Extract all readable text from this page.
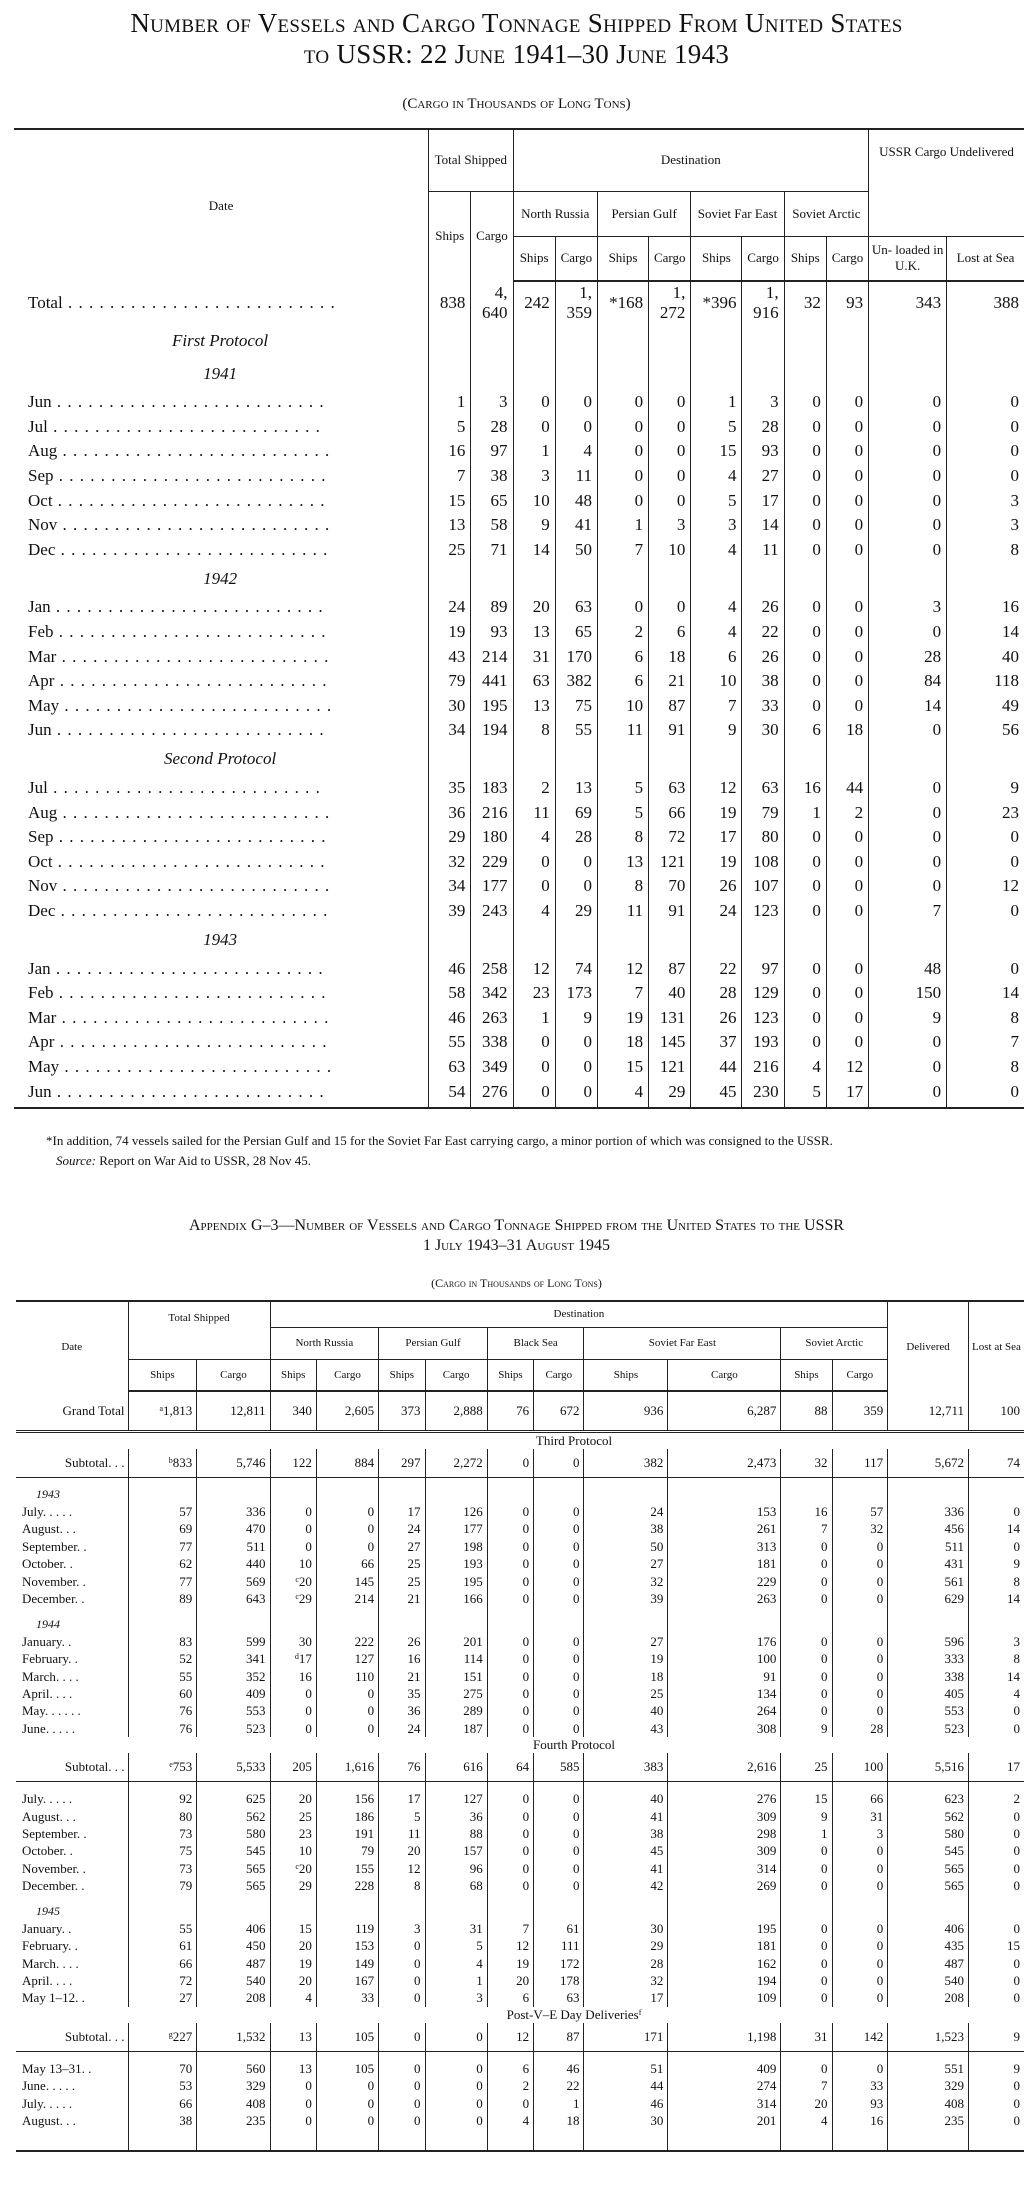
Number of Vessels and Cargo Tonnage Shipped From United States
to USSR: 22 June 1941–30 June 1943
(Cargo in Thousands of Long Tons)
Date	Total Shipped		Destination								USSR Cargo Undelivered	
	Ships	Cargo	North Russia		Persian Gulf		Soviet Far East		Soviet Arctic			
			Ships	Cargo	Ships	Cargo	Ships	Cargo	Ships	Cargo	Un- loaded in U.K.	Lost at Sea
Total . . . . . . . . . . . . . . . . . . . . . . . . . .	838	4, 640	242	1, 359	*168	1, 272	*396	1, 916	32	93	343	388
First Protocol												
1941												
Jun . . . . . . . . . . . . . . . . . . . . . . . . . .	1	3	0	0	0	0	1	3	0	0	0	0
Jul . . . . . . . . . . . . . . . . . . . . . . . . . .	5	28	0	0	0	0	5	28	0	0	0	0
Aug . . . . . . . . . . . . . . . . . . . . . . . . . .	16	97	1	4	0	0	15	93	0	0	0	0
Sep . . . . . . . . . . . . . . . . . . . . . . . . . .	7	38	3	11	0	0	4	27	0	0	0	0
Oct . . . . . . . . . . . . . . . . . . . . . . . . . .	15	65	10	48	0	0	5	17	0	0	0	3
Nov . . . . . . . . . . . . . . . . . . . . . . . . . .	13	58	9	41	1	3	3	14	0	0	0	3
Dec . . . . . . . . . . . . . . . . . . . . . . . . . .	25	71	14	50	7	10	4	11	0	0	0	8
1942												
Jan . . . . . . . . . . . . . . . . . . . . . . . . . .	24	89	20	63	0	0	4	26	0	0	3	16
Feb . . . . . . . . . . . . . . . . . . . . . . . . . .	19	93	13	65	2	6	4	22	0	0	0	14
Mar . . . . . . . . . . . . . . . . . . . . . . . . . .	43	214	31	170	6	18	6	26	0	0	28	40
Apr . . . . . . . . . . . . . . . . . . . . . . . . . .	79	441	63	382	6	21	10	38	0	0	84	118
May . . . . . . . . . . . . . . . . . . . . . . . . . .	30	195	13	75	10	87	7	33	0	0	14	49
Jun . . . . . . . . . . . . . . . . . . . . . . . . . .	34	194	8	55	11	91	9	30	6	18	0	56
Second Protocol												
Jul . . . . . . . . . . . . . . . . . . . . . . . . . .	35	183	2	13	5	63	12	63	16	44	0	9
Aug . . . . . . . . . . . . . . . . . . . . . . . . . .	36	216	11	69	5	66	19	79	1	2	0	23
Sep . . . . . . . . . . . . . . . . . . . . . . . . . .	29	180	4	28	8	72	17	80	0	0	0	0
Oct . . . . . . . . . . . . . . . . . . . . . . . . . .	32	229	0	0	13	121	19	108	0	0	0	0
Nov . . . . . . . . . . . . . . . . . . . . . . . . . .	34	177	0	0	8	70	26	107	0	0	0	12
Dec . . . . . . . . . . . . . . . . . . . . . . . . . .	39	243	4	29	11	91	24	123	0	0	7	0
1943												
Jan . . . . . . . . . . . . . . . . . . . . . . . . . .	46	258	12	74	12	87	22	97	0	0	48	0
Feb . . . . . . . . . . . . . . . . . . . . . . . . . .	58	342	23	173	7	40	28	129	0	0	150	14
Mar . . . . . . . . . . . . . . . . . . . . . . . . . .	46	263	1	9	19	131	26	123	0	0	9	8
Apr . . . . . . . . . . . . . . . . . . . . . . . . . .	55	338	0	0	18	145	37	193	0	0	0	7
May . . . . . . . . . . . . . . . . . . . . . . . . . .	63	349	0	0	15	121	44	216	4	12	0	8
Jun . . . . . . . . . . . . . . . . . . . . . . . . . .	54	276	0	0	4	29	45	230	5	17	0	0

*In addition, 74 vessels sailed for the Persian Gulf and 15 for the Soviet Far East carrying cargo, a minor portion of which was consigned to the USSR.

Source: Report on War Aid to USSR, 28 Nov 45.

Appendix G–3—Number of Vessels and Cargo Tonnage Shipped from the United States to the USSR
1 July 1943–31 August 1945
(Cargo in Thousands of Long Tons)
Date	Total Shipped		Destination										Delivered	Lost at Sea
			North Russia		Persian Gulf		Black Sea		Soviet Far East		Soviet Arctic			
	Ships	Cargo	Ships	Cargo	Ships	Cargo	Ships	Cargo	Ships	Cargo	Ships	Cargo		
Grand Total	$^a$1,813	12,811	340	2,605	373	2,888	76	672	936	6,287	88	359	12,711	100
	Third Protocol													
Subtotal. . .	$^b$833	5,746	122	884	297	2,272	0	0	382	2,473	32	117	5,672	74

1943														
July. . . . .	57	336	0	0	17	126	0	0	24	153	16	57	336	0
August. . .	69	470	0	0	24	177	0	0	38	261	7	32	456	14
September. .	77	511	0	0	27	198	0	0	50	313	0	0	511	0
October. .	62	440	10	66	25	193	0	0	27	181	0	0	431	9
November. .	77	569	$^c$20	145	25	195	0	0	32	229	0	0	561	8
December. .	89	643	$^c$29	214	21	166	0	0	39	263	0	0	629	14

1944														
January. .	83	599	30	222	26	201	0	0	27	176	0	0	596	3
February. .	52	341	$^d$17	127	16	114	0	0	19	100	0	0	333	8
March. . . .	55	352	16	110	21	151	0	0	18	91	0	0	338	14
April. . . .	60	409	0	0	35	275	0	0	25	134	0	0	405	4
May. . . . . .	76	553	0	0	36	289	0	0	40	264	0	0	553	0
June. . . . .	76	523	0	0	24	187	0	0	43	308	9	28	523	0
	Fourth Protocol													
Subtotal. . .	$^e$753	5,533	205	1,616	76	616	64	585	383	2,616	25	100	5,516	17

July. . . . .	92	625	20	156	17	127	0	0	40	276	15	66	623	2
August. . .	80	562	25	186	5	36	0	0	41	309	9	31	562	0
September. .	73	580	23	191	11	88	0	0	38	298	1	3	580	0
October. .	75	545	10	79	20	157	0	0	45	309	0	0	545	0
November. .	73	565	$^c$20	155	12	96	0	0	41	314	0	0	565	0
December. .	79	565	29	228	8	68	0	0	42	269	0	0	565	0

1945														
January. .	55	406	15	119	3	31	7	61	30	195	0	0	406	0
February. .	61	450	20	153	0	5	12	111	29	181	0	0	435	15
March. . . .	66	487	19	149	0	4	19	172	28	162	0	0	487	0
April. . . .	72	540	20	167	0	1	20	178	32	194	0	0	540	0
May 1–12. .	27	208	4	33	0	3	6	63	17	109	0	0	208	0
	Post-V–E Day Deliveries$^f$
Subtotal. . .	$^g$227	1,532	13	105	0	0	12	87	171	1,198	31	142	1,523	9

May 13–31. .	70	560	13	105	0	0	6	46	51	409	0	0	551	9
June. . . . .	53	329	0	0	0	0	2	22	44	274	7	33	329	0
July. . . . .	66	408	0	0	0	0	0	1	46	314	20	93	408	0
August. . .	38	235	0	0	0	0	4	18	30	201	4	16	235	0
